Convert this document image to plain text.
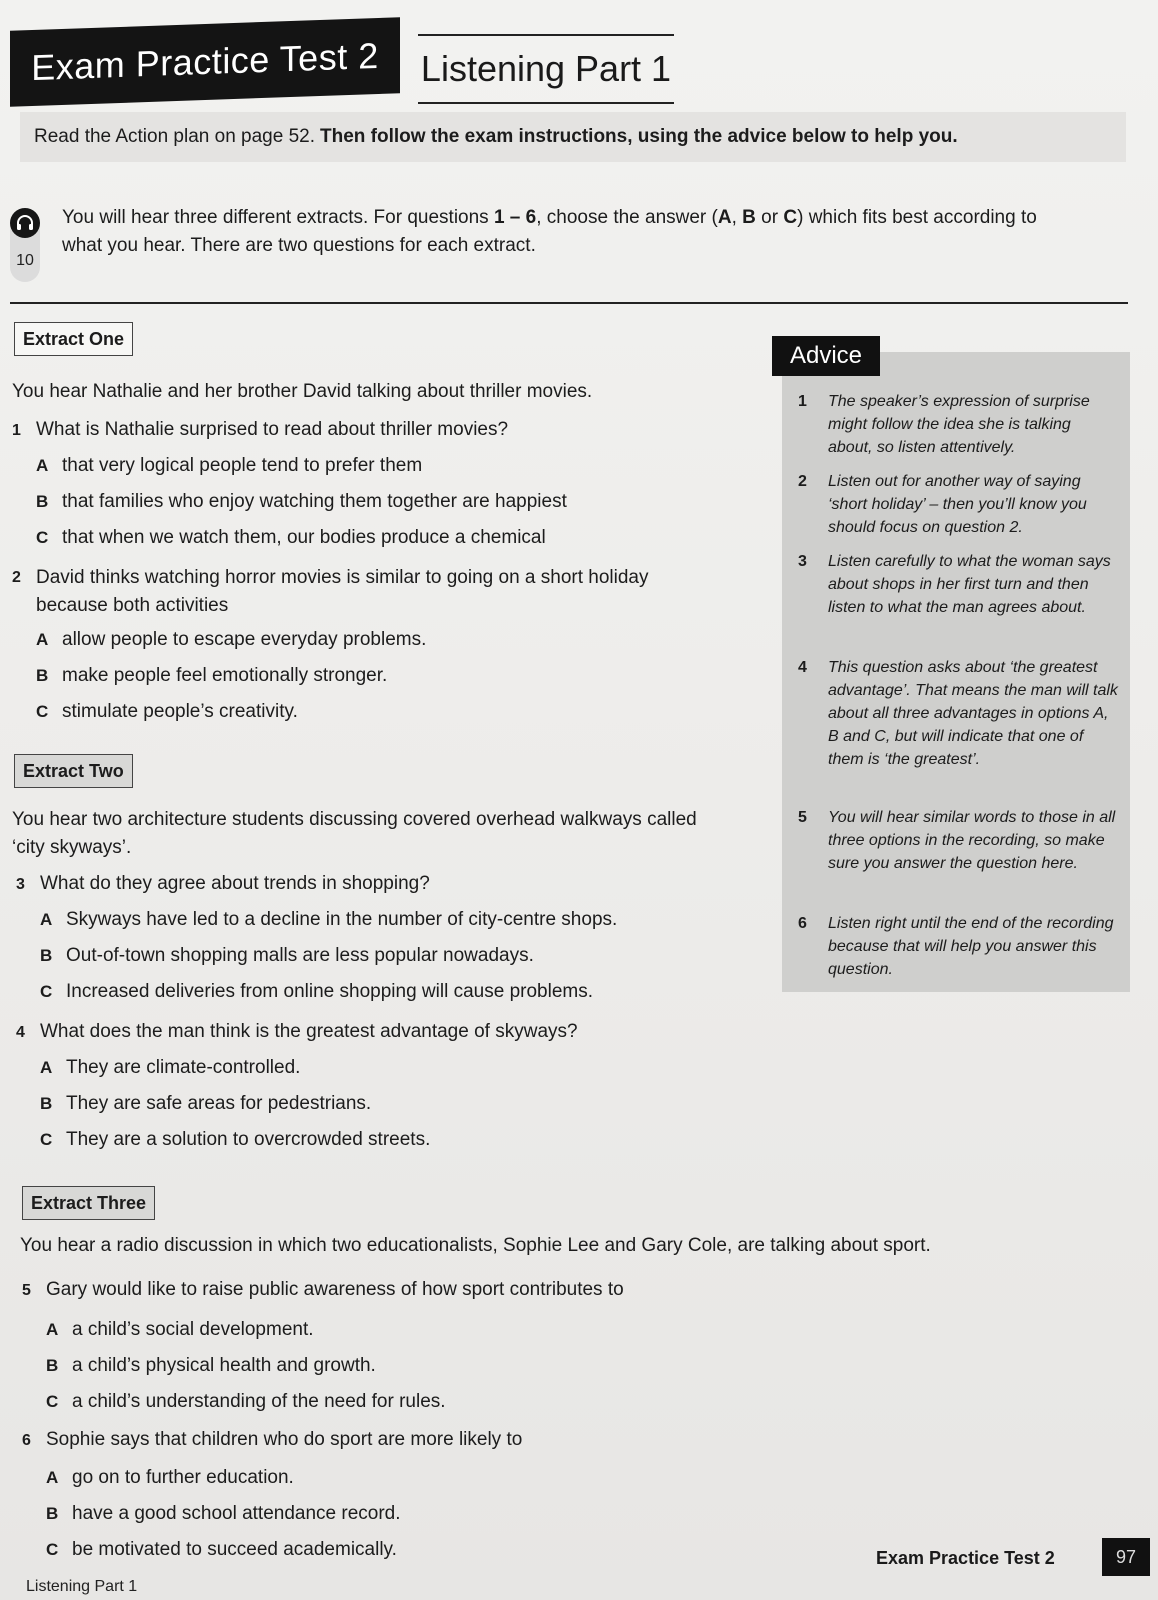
Exam Practice Test 2 Listening Part 1
Read the Action plan on page 52. Then follow the exam instructions, using the advice below to help you.
10
You will hear three different extracts. For questions 1 – 6, choose the answer (A, B or C) which fits best according to what you hear. There are two questions for each extract.
Extract One
You hear Nathalie and her brother David talking about thriller movies.
1 What is Nathalie surprised to read about thriller movies?
A that very logical people tend to prefer them
B that families who enjoy watching them together are happiest
C that when we watch them, our bodies produce a chemical
2 David thinks watching horror movies is similar to going on a short holiday because both activities
A allow people to escape everyday problems.
B make people feel emotionally stronger.
C stimulate people’s creativity.
Extract Two
You hear two architecture students discussing covered overhead walkways called ‘city skyways’.
3 What do they agree about trends in shopping?
A Skyways have led to a decline in the number of city-centre shops.
B Out-of-town shopping malls are less popular nowadays.
C Increased deliveries from online shopping will cause problems.
4 What does the man think is the greatest advantage of skyways?
A They are climate-controlled.
B They are safe areas for pedestrians.
C They are a solution to overcrowded streets.
Extract Three
You hear a radio discussion in which two educationalists, Sophie Lee and Gary Cole, are talking about sport.
5 Gary would like to raise public awareness of how sport contributes to
A a child’s social development.
B a child’s physical health and growth.
C a child’s understanding of the need for rules.
6 Sophie says that children who do sport are more likely to
A go on to further education.
B have a good school attendance record.
C be motivated to succeed academically.
Advice
1 The speaker’s expression of surprise might follow the idea she is talking about, so listen attentively.
2 Listen out for another way of saying ‘short holiday’ – then you’ll know you should focus on question 2.
3 Listen carefully to what the woman says about shops in her first turn and then listen to what the man agrees about.
4 This question asks about ‘the greatest advantage’. That means the man will talk about all three advantages in options A, B and C, but will indicate that one of them is ‘the greatest’.
5 You will hear similar words to those in all three options in the recording, so make sure you answer the question here.
6 Listen right until the end of the recording because that will help you answer this question.
Exam Practice Test 2	97
Listening Part 1
